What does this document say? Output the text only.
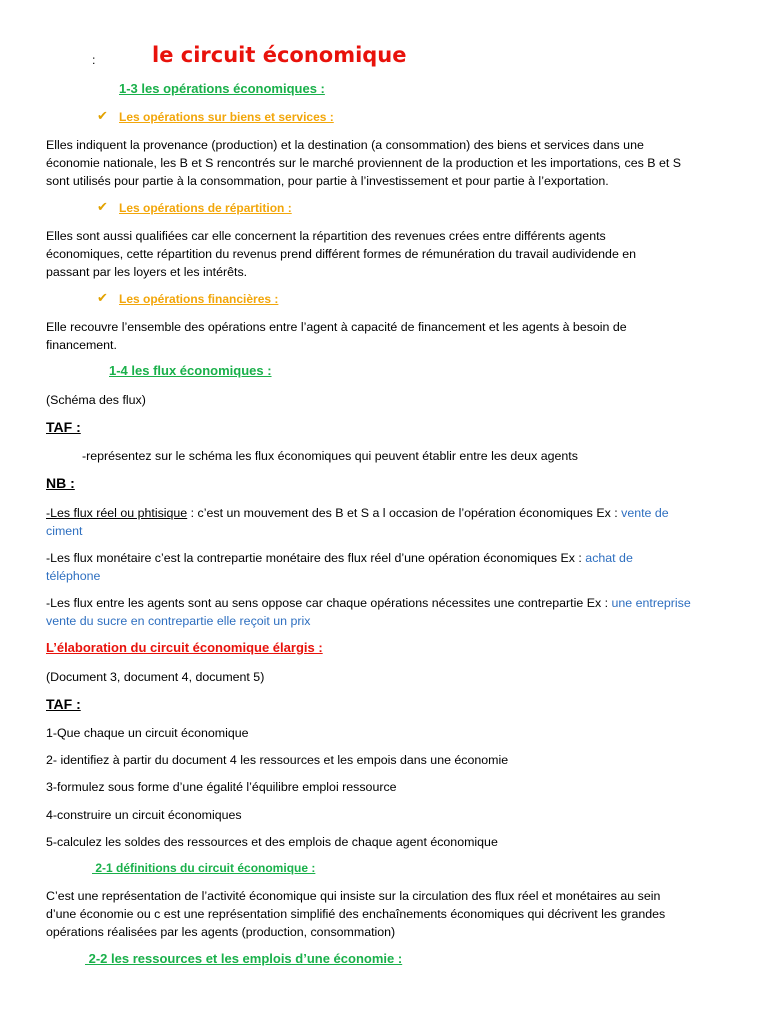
:	le circuit économique
1-3 les opérations économiques :
✔ Les opérations sur biens et services :
Elles indiquent la provenance (production) et la destination (a consommation) des biens et services dans une
économie nationale, les B et S rencontrés sur le marché proviennent de la production et les importations, ces B et S
sont utilisés pour partie à la consommation, pour partie à l’investissement et pour partie à l’exportation.
✔ Les opérations de répartition :
Elles sont aussi qualifiées car elle concernent la répartition des revenues crées entre différents agents
économiques, cette répartition du revenus prend différent formes de rémunération du travail audividende en
passant par les loyers et les intérêts.
✔ Les opérations financières :
Elle recouvre l’ensemble des opérations entre l’agent à capacité de financement et les agents à besoin de
financement.
1-4 les flux économiques :
(Schéma des flux)
TAF :
-représentez sur le schéma les flux économiques qui peuvent établir entre les deux agents
NB :
-Les flux réel ou phtisique : c’est un mouvement des B et S a l occasion de l’opération économiques Ex : vente de
ciment
-Les flux monétaire c’est la contrepartie monétaire des flux réel d’une opération économiques Ex : achat de
téléphone
-Les flux entre les agents sont au sens oppose car chaque opérations nécessites une contrepartie Ex : une entreprise
vente du sucre en contrepartie elle reçoit un prix
L’élaboration du circuit économique élargis :
(Document 3, document 4, document 5)
TAF :
1-Que chaque un circuit économique
2- identifiez à partir du document 4 les ressources et les empois dans une économie
3-formulez sous forme d’une égalité l’équilibre emploi ressource
4-construire un circuit économiques
5-calculez les soldes des ressources et des emplois de chaque agent économique
2-1 définitions du circuit économique :
C’est une représentation de l’activité économique qui insiste sur la circulation des flux réel et monétaires au sein
d’une économie ou c est une représentation simplifié des enchaînements économiques qui décrivent les grandes
opérations réalisées par les agents (production, consommation)
2-2 les ressources et les emplois d’une économie :
